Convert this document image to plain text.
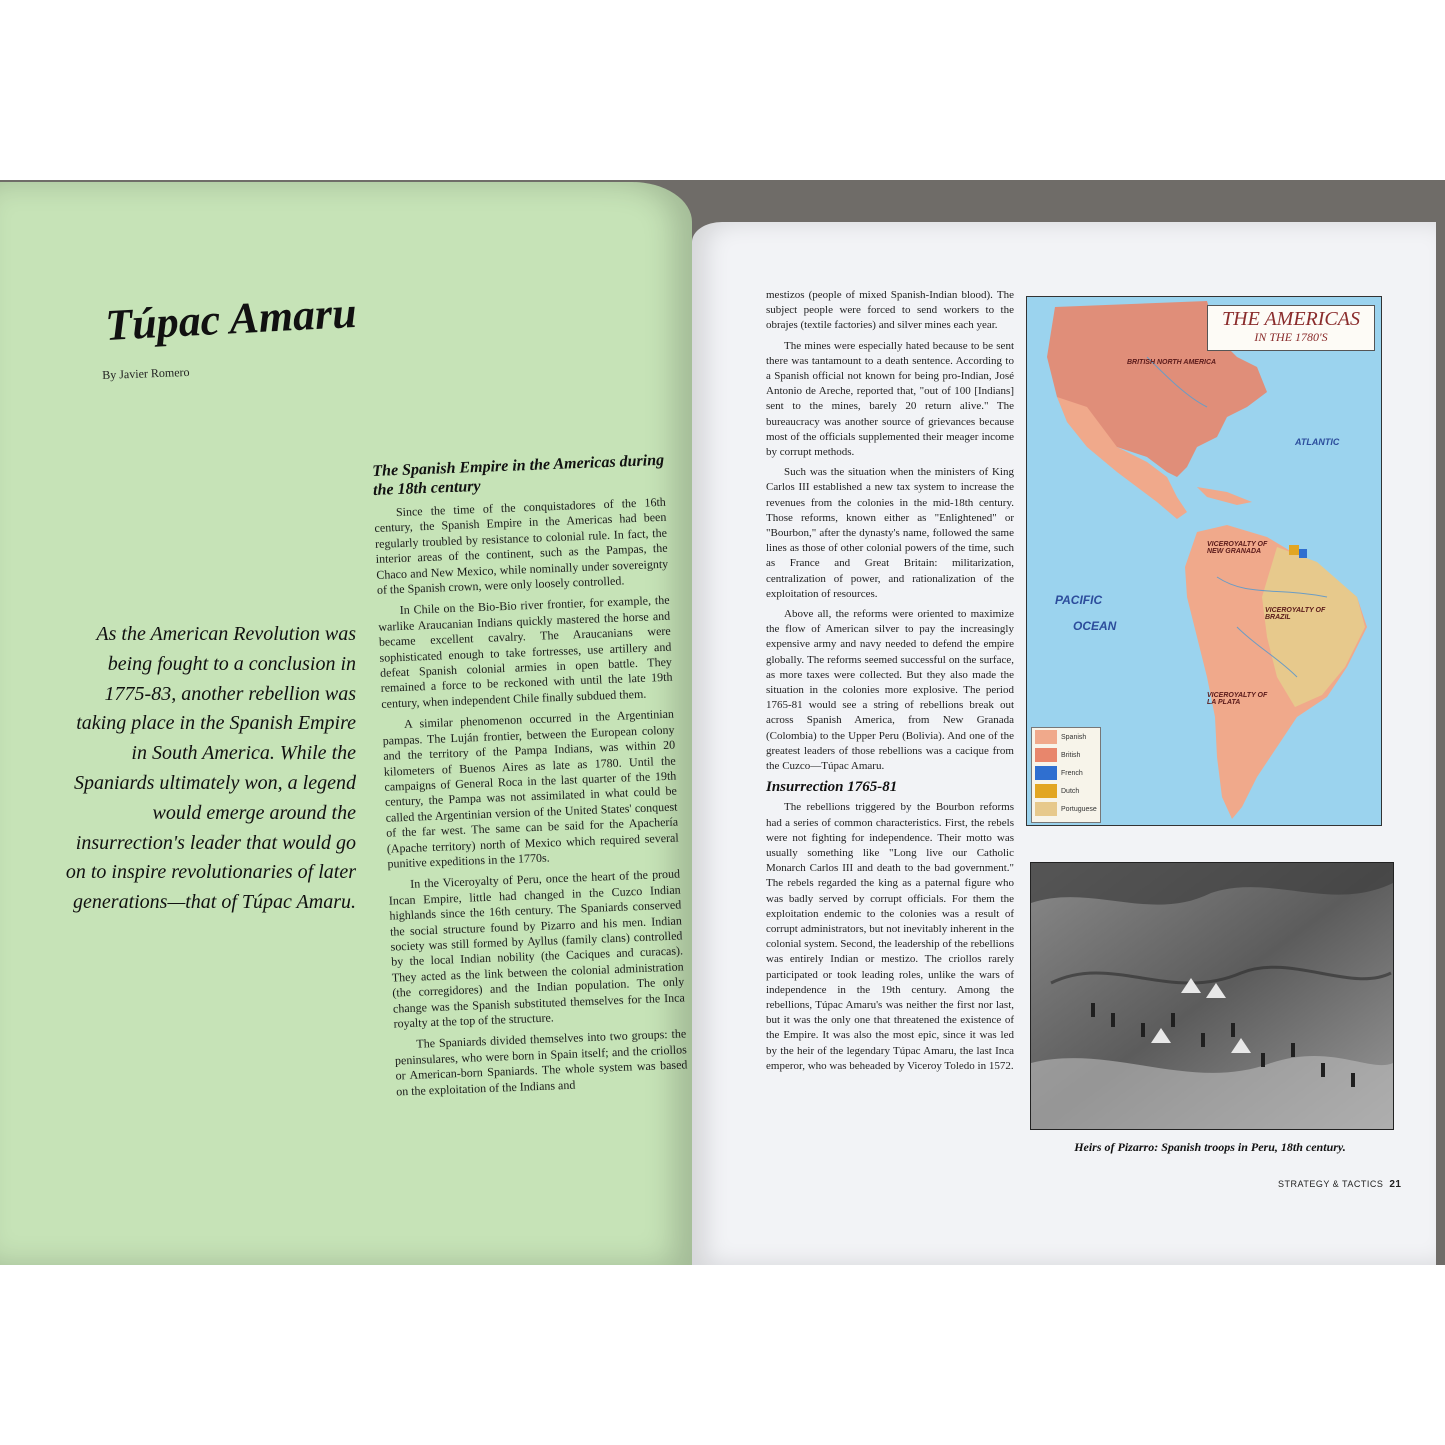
Túpac Amaru
By Javier Romero

As the American Revolution was being fought to a conclusion in 1775-83, another rebellion was taking place in the Spanish Empire in South America. While the Spaniards ultimately won, a legend would emerge around the insurrection's leader that would go on to inspire revolutionaries of later generations—that of Túpac Amaru.

The Spanish Empire in the Americas during the 18th century

Since the time of the conquistadores of the 16th century, the Spanish Empire in the Americas had been regularly troubled by resistance to colonial rule. In fact, the interior areas of the continent, such as the Pampas, the Chaco and New Mexico, while nominally under sovereignty of the Spanish crown, were only loosely controlled.

In Chile on the Bio-Bio river frontier, for example, the warlike Araucanian Indians quickly mastered the horse and became excellent cavalry. The Araucanians were sophisticated enough to take fortresses, use artillery and defeat Spanish colonial armies in open battle. They remained a force to be reckoned with until the late 19th century, when independent Chile finally subdued them.

A similar phenomenon occurred in the Argentinian pampas. The Luján frontier, between the European colony and the territory of the Pampa Indians, was within 20 kilometers of Buenos Aires as late as 1780. Until the campaigns of General Roca in the last quarter of the 19th century, the Pampa was not assimilated in what could be called the Argentinian version of the United States' conquest of the far west. The same can be said for the Apachería (Apache territory) north of Mexico which required several punitive expeditions in the 1770s.

In the Viceroyalty of Peru, once the heart of the proud Incan Empire, little had changed in the Cuzco Indian highlands since the 16th century. The Spaniards conserved the social structure found by Pizarro and his men. Indian society was still formed by Ayllus (family clans) controlled by the local Indian nobility (the Caciques and curacas). They acted as the link between the colonial administration (the corregidores) and the Indian population. The only change was the Spanish substituted themselves for the Inca royalty at the top of the structure.

The Spaniards divided themselves into two groups: the peninsulares, who were born in Spain itself; and the criollos or American-born Spaniards. The whole system was based on the exploitation of the Indians and

mestizos (people of mixed Spanish-Indian blood). The subject people were forced to send workers to the obrajes (textile factories) and silver mines each year.

The mines were especially hated because to be sent there was tantamount to a death sentence. According to a Spanish official not known for being pro-Indian, José Antonio de Areche, reported that, "out of 100 [Indians] sent to the mines, barely 20 return alive." The bureaucracy was another source of grievances because most of the officials supplemented their meager income by corrupt methods.

Such was the situation when the ministers of King Carlos III established a new tax system to increase the revenues from the colonies in the mid-18th century. Those reforms, known either as "Enlightened" or "Bourbon," after the dynasty's name, followed the same lines as those of other colonial powers of the time, such as France and Great Britain: militarization, centralization of power, and rationalization of the exploitation of resources.

Above all, the reforms were oriented to maximize the flow of American silver to pay the increasingly expensive army and navy needed to defend the empire globally. The reforms seemed successful on the surface, as more taxes were collected. But they also made the situation in the colonies more explosive. The period 1765-81 would see a string of rebellions break out across Spanish America, from New Granada (Colombia) to the Upper Peru (Bolivia). And one of the greatest leaders of those rebellions was a cacique from the Cuzco—Túpac Amaru.

Insurrection 1765-81

The rebellions triggered by the Bourbon reforms had a series of common characteristics. First, the rebels were not fighting for independence. Their motto was usually something like "Long live our Catholic Monarch Carlos III and death to the bad government." The rebels regarded the king as a paternal figure who was badly served by corrupt officials. For them the exploitation endemic to the colonies was a result of corrupt administrators, but not inevitably inherent in the colonial system. Second, the leadership of the rebellions was entirely Indian or mestizo. The criollos rarely participated or took leading roles, unlike the wars of independence in the 19th century. Among the rebellions, Túpac Amaru's was neither the first nor last, but it was the only one that threatened the existence of the Empire. It was also the most epic, since it was led by the heir of the legendary Túpac Amaru, the last Inca emperor, who was beheaded by Viceroy Toledo in 1572.

THE AMERICAS
IN THE 1780'S
PACIFIC
OCEAN
ATLANTIC
BRITISH NORTH AMERICA
VICEROYALTY OF NEW GRANADA
VICEROYALTY OF BRAZIL
VICEROYALTY OF LA PLATA
Spanish
British
French
Dutch
Portuguese
Heirs of Pizarro: Spanish troops in Peru, 18th century.
STRATEGY & TACTICS 21
